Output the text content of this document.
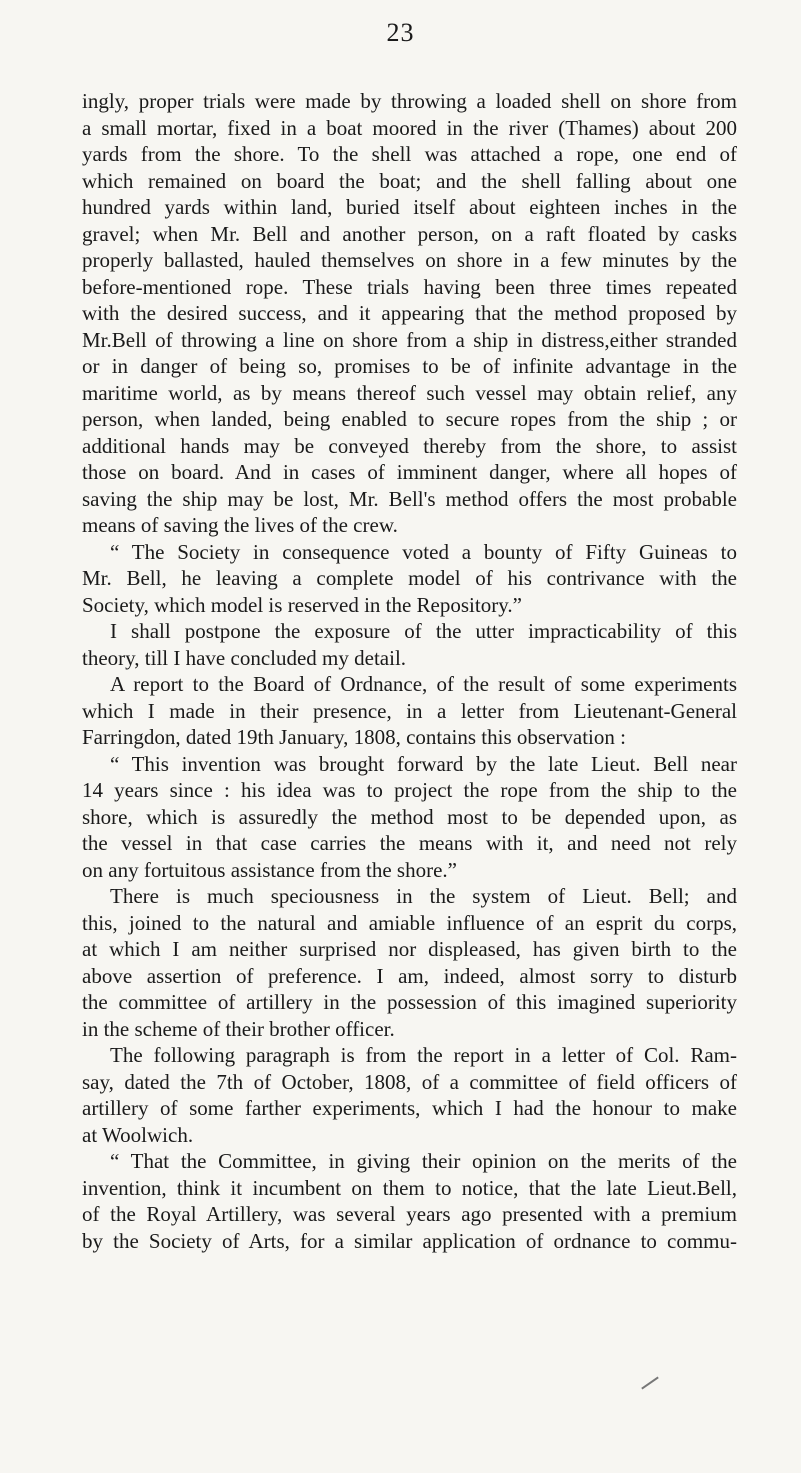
23
ingly, proper trials were made by throwing a loaded shell on shore from
a small mortar, fixed in a boat moored in the river (Thames) about 200
yards from the shore. To the shell was attached a rope, one end of
which remained on board the boat; and the shell falling about one
hundred yards within land, buried itself about eighteen inches in the
gravel; when Mr. Bell and another person, on a raft floated by casks
properly ballasted, hauled themselves on shore in a few minutes by the
before-mentioned rope. These trials having been three times repeated
with the desired success, and it appearing that the method proposed by
Mr.Bell of throwing a line on shore from a ship in distress,either stranded
or in danger of being so, promises to be of infinite advantage in the
maritime world, as by means thereof such vessel may obtain relief, any
person, when landed, being enabled to secure ropes from the ship ; or
additional hands may be conveyed thereby from the shore, to assist
those on board. And in cases of imminent danger, where all hopes of
saving the ship may be lost, Mr. Bell's method offers the most probable
means of saving the lives of the crew.
“ The Society in consequence voted a bounty of Fifty Guineas to
Mr. Bell, he leaving a complete model of his contrivance with the
Society, which model is reserved in the Repository.”
I shall postpone the exposure of the utter impracticability of this
theory, till I have concluded my detail.
A report to the Board of Ordnance, of the result of some experiments
which I made in their presence, in a letter from Lieutenant-General
Farringdon, dated 19th January, 1808, contains this observation :
“ This invention was brought forward by the late Lieut. Bell near
14 years since : his idea was to project the rope from the ship to the
shore, which is assuredly the method most to be depended upon, as
the vessel in that case carries the means with it, and need not rely
on any fortuitous assistance from the shore.”
There is much speciousness in the system of Lieut. Bell; and
this, joined to the natural and amiable influence of an esprit du corps,
at which I am neither surprised nor displeased, has given birth to the
above assertion of preference. I am, indeed, almost sorry to disturb
the committee of artillery in the possession of this imagined superiority
in the scheme of their brother officer.
The following paragraph is from the report in a letter of Col. Ram-
say, dated the 7th of October, 1808, of a committee of field officers of
artillery of some farther experiments, which I had the honour to make
at Woolwich.
“ That the Committee, in giving their opinion on the merits of the
invention, think it incumbent on them to notice, that the late Lieut.Bell,
of the Royal Artillery, was several years ago presented with a premium
by the Society of Arts, for a similar application of ordnance to commu-
